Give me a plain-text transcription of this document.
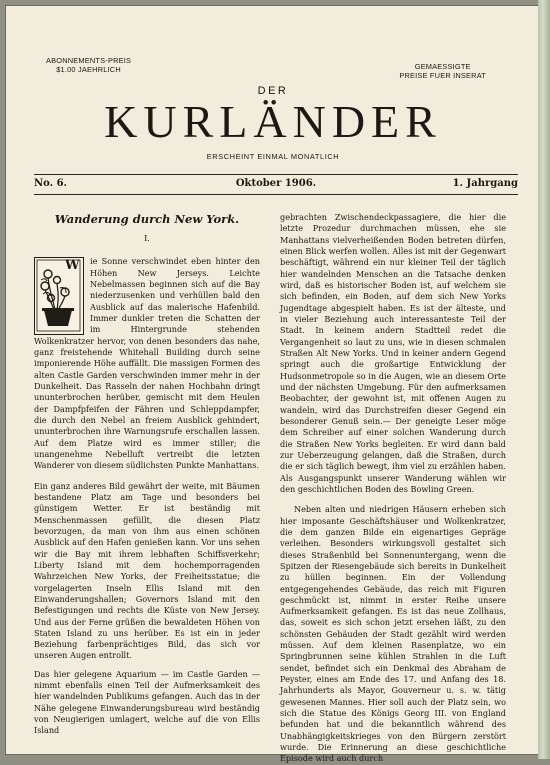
ABONNEMENTS-PREIS
$1.00 JAEHRLICH	GEMAESSIGTE
PREISE FUER INSERAT
DER
KURLÄNDER
ERSCHEINT EINMAL MONATLICH
No. 6.	Oktober 1906.	1. Jahrgang
Wanderung durch New York.
I.
W	ie Sonne verschwindet eben hinter den Höhen New Jerseys. Leichte Nebelmassen beginnen sich auf die Bay niederzusenken und verhüllen bald den Ausblick auf das malerische Hafenbild. Immer dunkler treten die Schatten der im Hintergrunde stehenden Wolkenkratzer hervor, von denen besonders das nahe, ganz freistehende Whitehall Building durch seine imponierende Höhe auffällt. Die massigen Formen des alten Castle Garden verschwinden immer mehr in der Dunkelheit. Das Rasseln der nahen Hochbahn dringt ununterbrochen herüber, gemischt mit dem Heulen der Dampfpfeifen der Fähren und Schleppdampfer, die durch den Nebel an freiem Ausblick gehindert, ununterbrochen ihre Warnungsrufe erschallen lassen. Auf dem Platze wird es immer stiller; die unangenehme Nebelluft vertreibt die letzten Wanderer von diesem südlichsten Punkte Manhattans.

Ein ganz anderes Bild gewährt der weite, mit Bäumen bestandene Platz am Tage und besonders bei günstigem Wetter. Er ist beständig mit Menschenmassen gefüllt, die diesen Platz bevorzugen, da man von ihm aus einen schönen Ausblick auf den Hafen genießen kann. Vor uns sehen wir die Bay mit ihrem lebhaften Schiffsverkehr; Liberty Island mit dem hochemporragenden Wahrzeichen New Yorks, der Freiheitsstatue; die vorgelagerten Inseln Ellis Island mit den Einwanderungshallen; Governors Island mit den Befestigungen und rechts die Küste von New Jersey. Und aus der Ferne grüßen die bewaldeten Höhen von Staten Island zu uns herüber. Es ist ein in jeder Beziehung farbenprächtiges Bild, das sich vor unseren Augen entrollt.

Das hier gelegene Aquarium — im Castle Garden — nimmt ebenfalls einen Teil der Aufmerksamkeit des hier wandelnden Publikums gefangen. Auch das in der Nähe gelegene Einwanderungsbureau wird beständig von Neugierigen umlagert, welche auf die von Ellis Island

gebrachten Zwischendeckpassagiere, die hier die letzte Prozedur durchmachen müssen, ehe sie Manhattans vielverheißenden Boden betreten dürfen, einen Blick werfen wollen. Alles ist mit der Gegenwart beschäftigt, während ein nur kleiner Teil der täglich hier wandelnden Menschen an die Tatsache denken wird, daß es historischer Boden ist, auf welchem sie sich befinden, ein Boden, auf dem sich New Yorks Jugendtage abgespielt haben. Es ist der älteste, und in vieler Beziehung auch interessanteste Teil der Stadt. In keinem andern Stadtteil redet die Vergangenheit so laut zu uns, wie in diesen schmalen Straßen Alt New Yorks. Und in keiner andern Gegend springt auch die großartige Entwicklung der Hudsonmetropole so in die Augen, wie an diesem Orte und der nächsten Umgebung. Für den aufmerksamen Beobachter, der gewohnt ist, mit offenen Augen zu wandeln, wird das Durchstreifen dieser Gegend ein besonderer Genuß sein.— Der geneigte Leser möge dem Schreiber auf einer solchen Wanderung durch die Straßen New Yorks begleiten. Er wird dann bald zur Ueberzeugung gelangen, daß die Straßen, durch die er sich täglich bewegt, ihm viel zu erzählen haben. Als Ausgangspunkt unserer Wanderung wählen wir den geschichtlichen Boden des Bowling Green.

Neben alten und niedrigen Häusern erheben sich hier imposante Geschäftshäuser und Wolkenkratzer, die dem ganzen Bilde ein eigenartiges Gepräge verleihen. Besonders wirkungsvoll gestaltet sich dieses Straßenbild bei Sonnenuntergang, wenn die Spitzen der Riesengebäude sich bereits in Dunkelheit zu hüllen beginnen. Ein der Vollendung entgegengehendes Gebäude, das reich mit Figuren geschmückt ist, nimmt in erster Reihe unsere Aufmerksamkeit gefangen. Es ist das neue Zollhaus, das, soweit es sich schon jetzt ersehen läßt, zu den schönsten Gebäuden der Stadt gezählt wird werden müssen. Auf dem kleinen Rasenplatze, wo ein Springbrunnen seine kühlen Strahlen in die Luft sendet, befindet sich ein Denkmal des Abraham de Peyster, eines am Ende des 17. und Anfang des 18. Jahrhunderts als Mayor, Gouverneur u. s. w. tätig gewesenen Mannes. Hier soll auch der Platz sein, wo sich die Statue des Königs Georg III. von England befunden hat und die bekanntlich während des Unabhängigkeitskrieges von den Bürgern zerstört wurde. Die Erinnerung an diese geschichtliche Episode wird auch durch
